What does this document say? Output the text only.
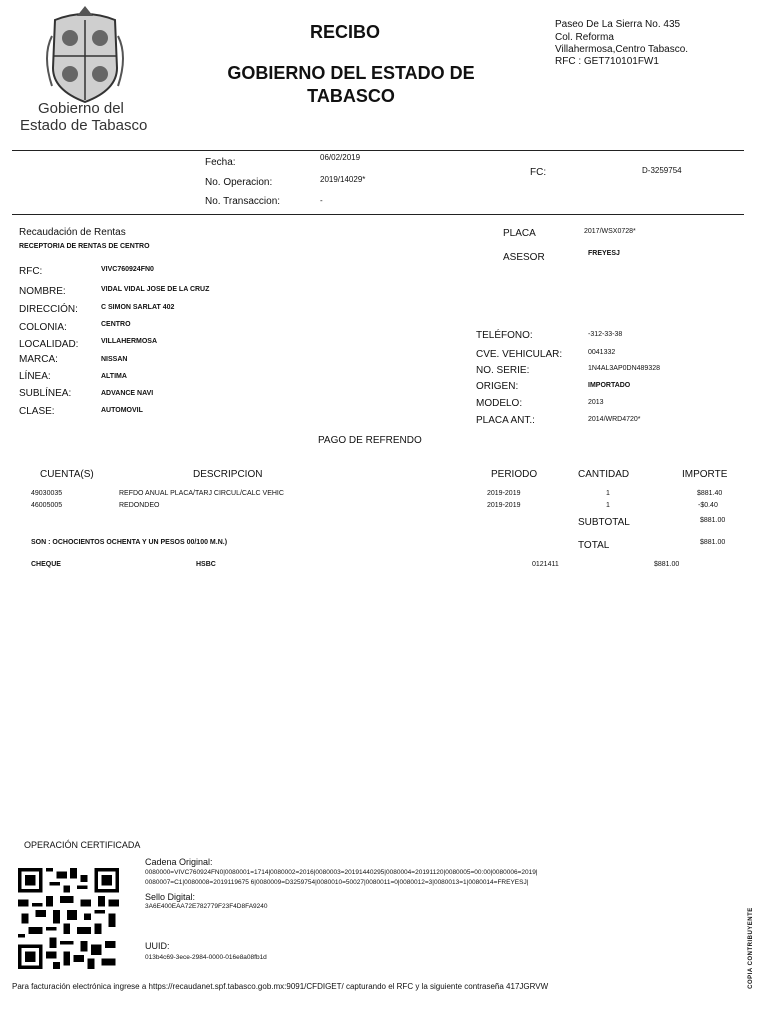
Gobierno del
Estado de Tabasco
RECIBO
GOBIERNO DEL ESTADO DE TABASCO
Paseo De La Sierra No. 435
Col. Reforma
Villahermosa,Centro Tabasco.
RFC : GET710101FW1
Fecha:	06/02/2019
No. Operacion:	2019/14029*
No. Transaccion:	-
FC:	D-3259754
Recaudación de Rentas
RECEPTORIA DE RENTAS DE CENTRO
PLACA	2017/WSX0728*
ASESOR	FREYESJ
RFC:	VIVC760924FN0
NOMBRE:	VIDAL VIDAL JOSE DE LA CRUZ
DIRECCIÓN:	C SIMON SARLAT 402
COLONIA:	CENTRO
LOCALIDAD:	VILLAHERMOSA
MARCA:	NISSAN
LÍNEA:	ALTIMA
SUBLÍNEA:	ADVANCE NAVI
CLASE:	AUTOMOVIL
TELÉFONO:	-312-33-38
CVE. VEHICULAR:	0041332
NO. SERIE:	1N4AL3AP0DN489328
ORIGEN:	IMPORTADO
MODELO:	2013
PLACA ANT.:	2014/WRD4720*
PAGO DE REFRENDO
CUENTA(S)	DESCRIPCION	PERIODO	CANTIDAD	IMPORTE
49030035	REFDO ANUAL PLACA/TARJ CIRCUL/CALC VEHIC	2019-2019	1	$881.40
46005005	REDONDEO	2019-2019	1	-$0.40
SUBTOTAL	$881.00
SON : OCHOCIENTOS OCHENTA Y UN PESOS 00/100 M.N.)	TOTAL	$881.00
CHEQUE	HSBC	0121411	$881.00
OPERACIÓN CERTIFICADA
Cadena Original:
0080000=VIVC760924FN0|0080001=1714|0080002=2016|0080003=20191440295|0080004=20191120|0080005=00:00|0080006=2019|
0080007=C1|0080008=2019119675 6|0080009=D3259754|0080010=50027|0080011=0|0080012=3|0080013=1|0080014=FREYESJ|
Sello Digital:
3A6E400EAA72E782779F23F4D8FA9240
UUID:
013b4c69-3ece-2984-0000-016e8a08fb1d
Para facturación electrónica ingrese a https://recaudanet.spf.tabasco.gob.mx:9091/CFDIGET/ capturando el RFC y la siguiente contraseña 417JGRVW	COPIA CONTRIBUYENTE
